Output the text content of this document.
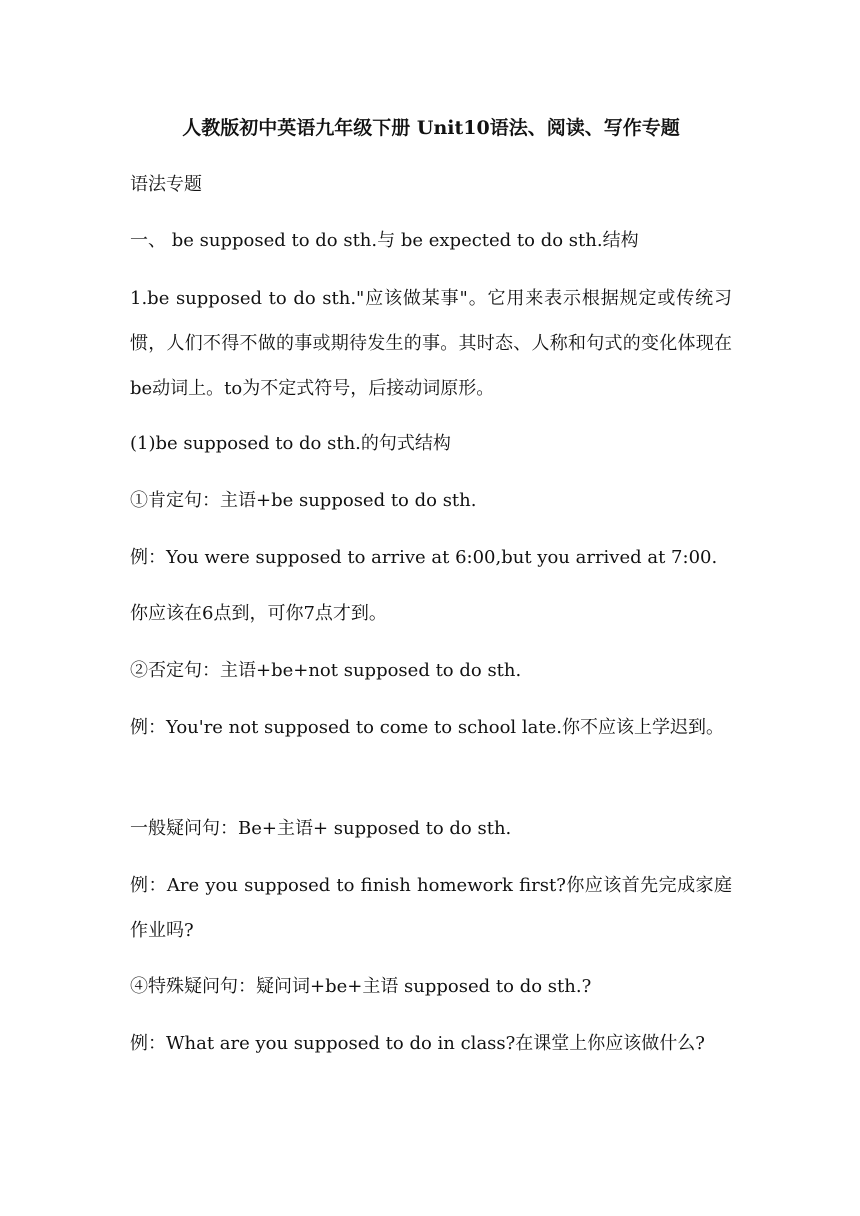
人教版初中英语九年级下册 Unit10语法、阅读、写作专题
语法专题
一、 be supposed to do sth.与 be expected to do sth.结构
1.be supposed to do sth."应该做某事"。它用来表示根据规定或传统习惯，人们不得不做的事或期待发生的事。其时态、人称和句式的变化体现在be动词上。to为不定式符号，后接动词原形。
(1)be supposed to do sth.的句式结构
①肯定句：主语+be supposed to do sth.
例：You were supposed to arrive at 6:00,but you arrived at 7:00.
你应该在6点到，可你7点才到。
②否定句：主语+be+not supposed to do sth.
例：You're not supposed to come to school late.你不应该上学迟到。
一般疑问句：Be+主语+ supposed to do sth.
例：Are you supposed to finish homework first?你应该首先完成家庭作业吗?
④特殊疑问句：疑问词+be+主语 supposed to do sth.?
例：What are you supposed to do in class?在课堂上你应该做什么?
